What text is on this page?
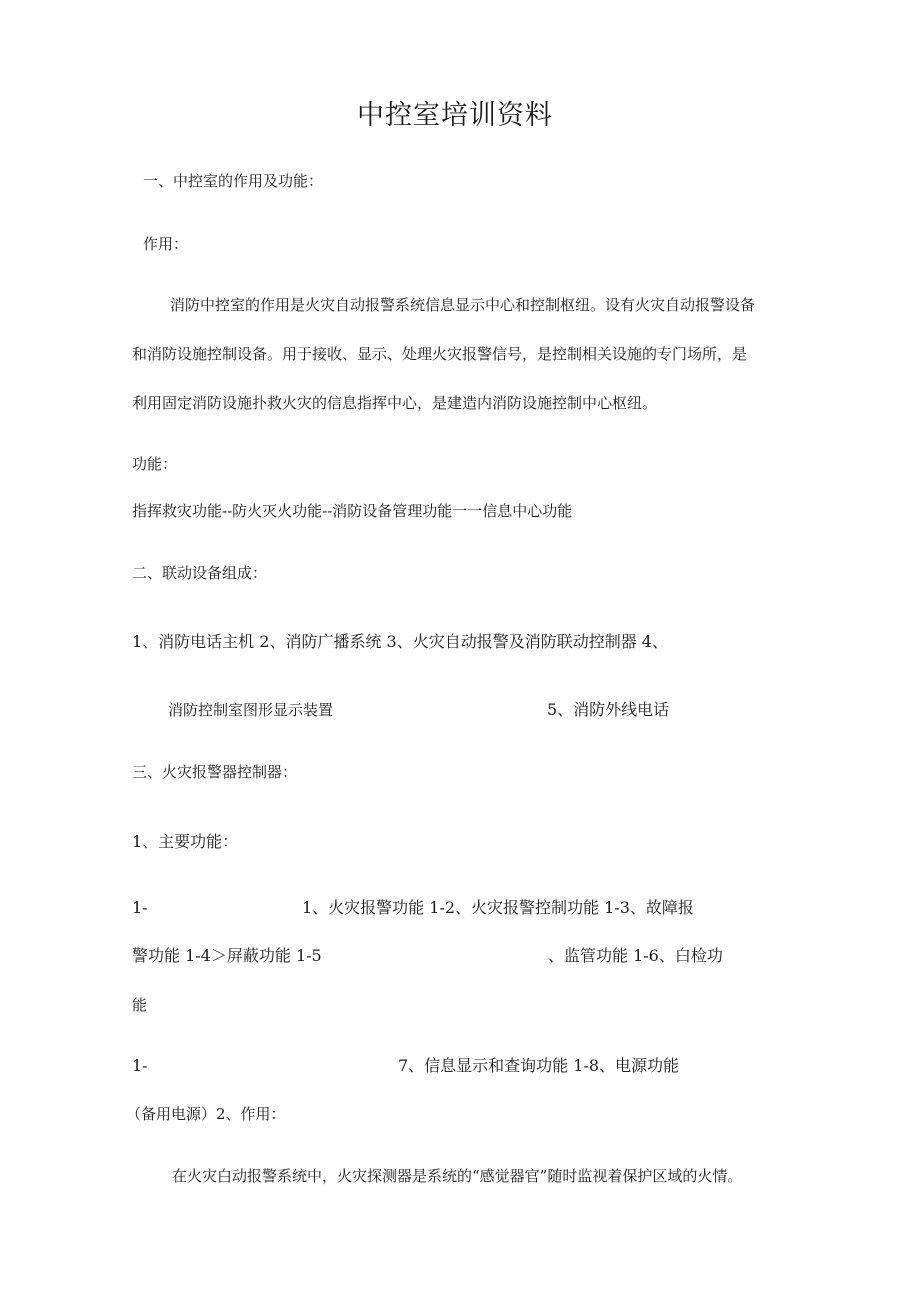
中控室培训资料

一、中控室的作用及功能：

作用：

消防中控室的作用是火灾自动报警系统信息显示中心和控制枢纽。设有火灾自动报警设备

和消防设施控制设备。用于接收、显示、处理火灾报警信号，是控制相关设施的专门场所，是

利用固定消防设施扑救火灾的信息指挥中心，是建造内消防设施控制中心枢纽。

功能：

指挥救灾功能--防火灭火功能--消防设备管理功能一一信息中心功能

二、联动设备组成：

1、消防电话主机 2、消防广播系统 3、火灾自动报警及消防联动控制器 4、

消防控制室图形显示装置	5、消防外线电话

三、火灾报警器控制器：

1、主要功能：

1-	1、火灾报警功能 1-2、火灾报警控制功能 1-3、故障报

警功能 1-4＞屏蔽功能 1-5	、监管功能 1-6、白检功

能

1-	7、信息显示和查询功能 1-8、电源功能

（备用电源）2、作用：

在火灾白动报警系统中，火灾探测器是系统的“感觉器官”随时监视着保护区域的火情。
